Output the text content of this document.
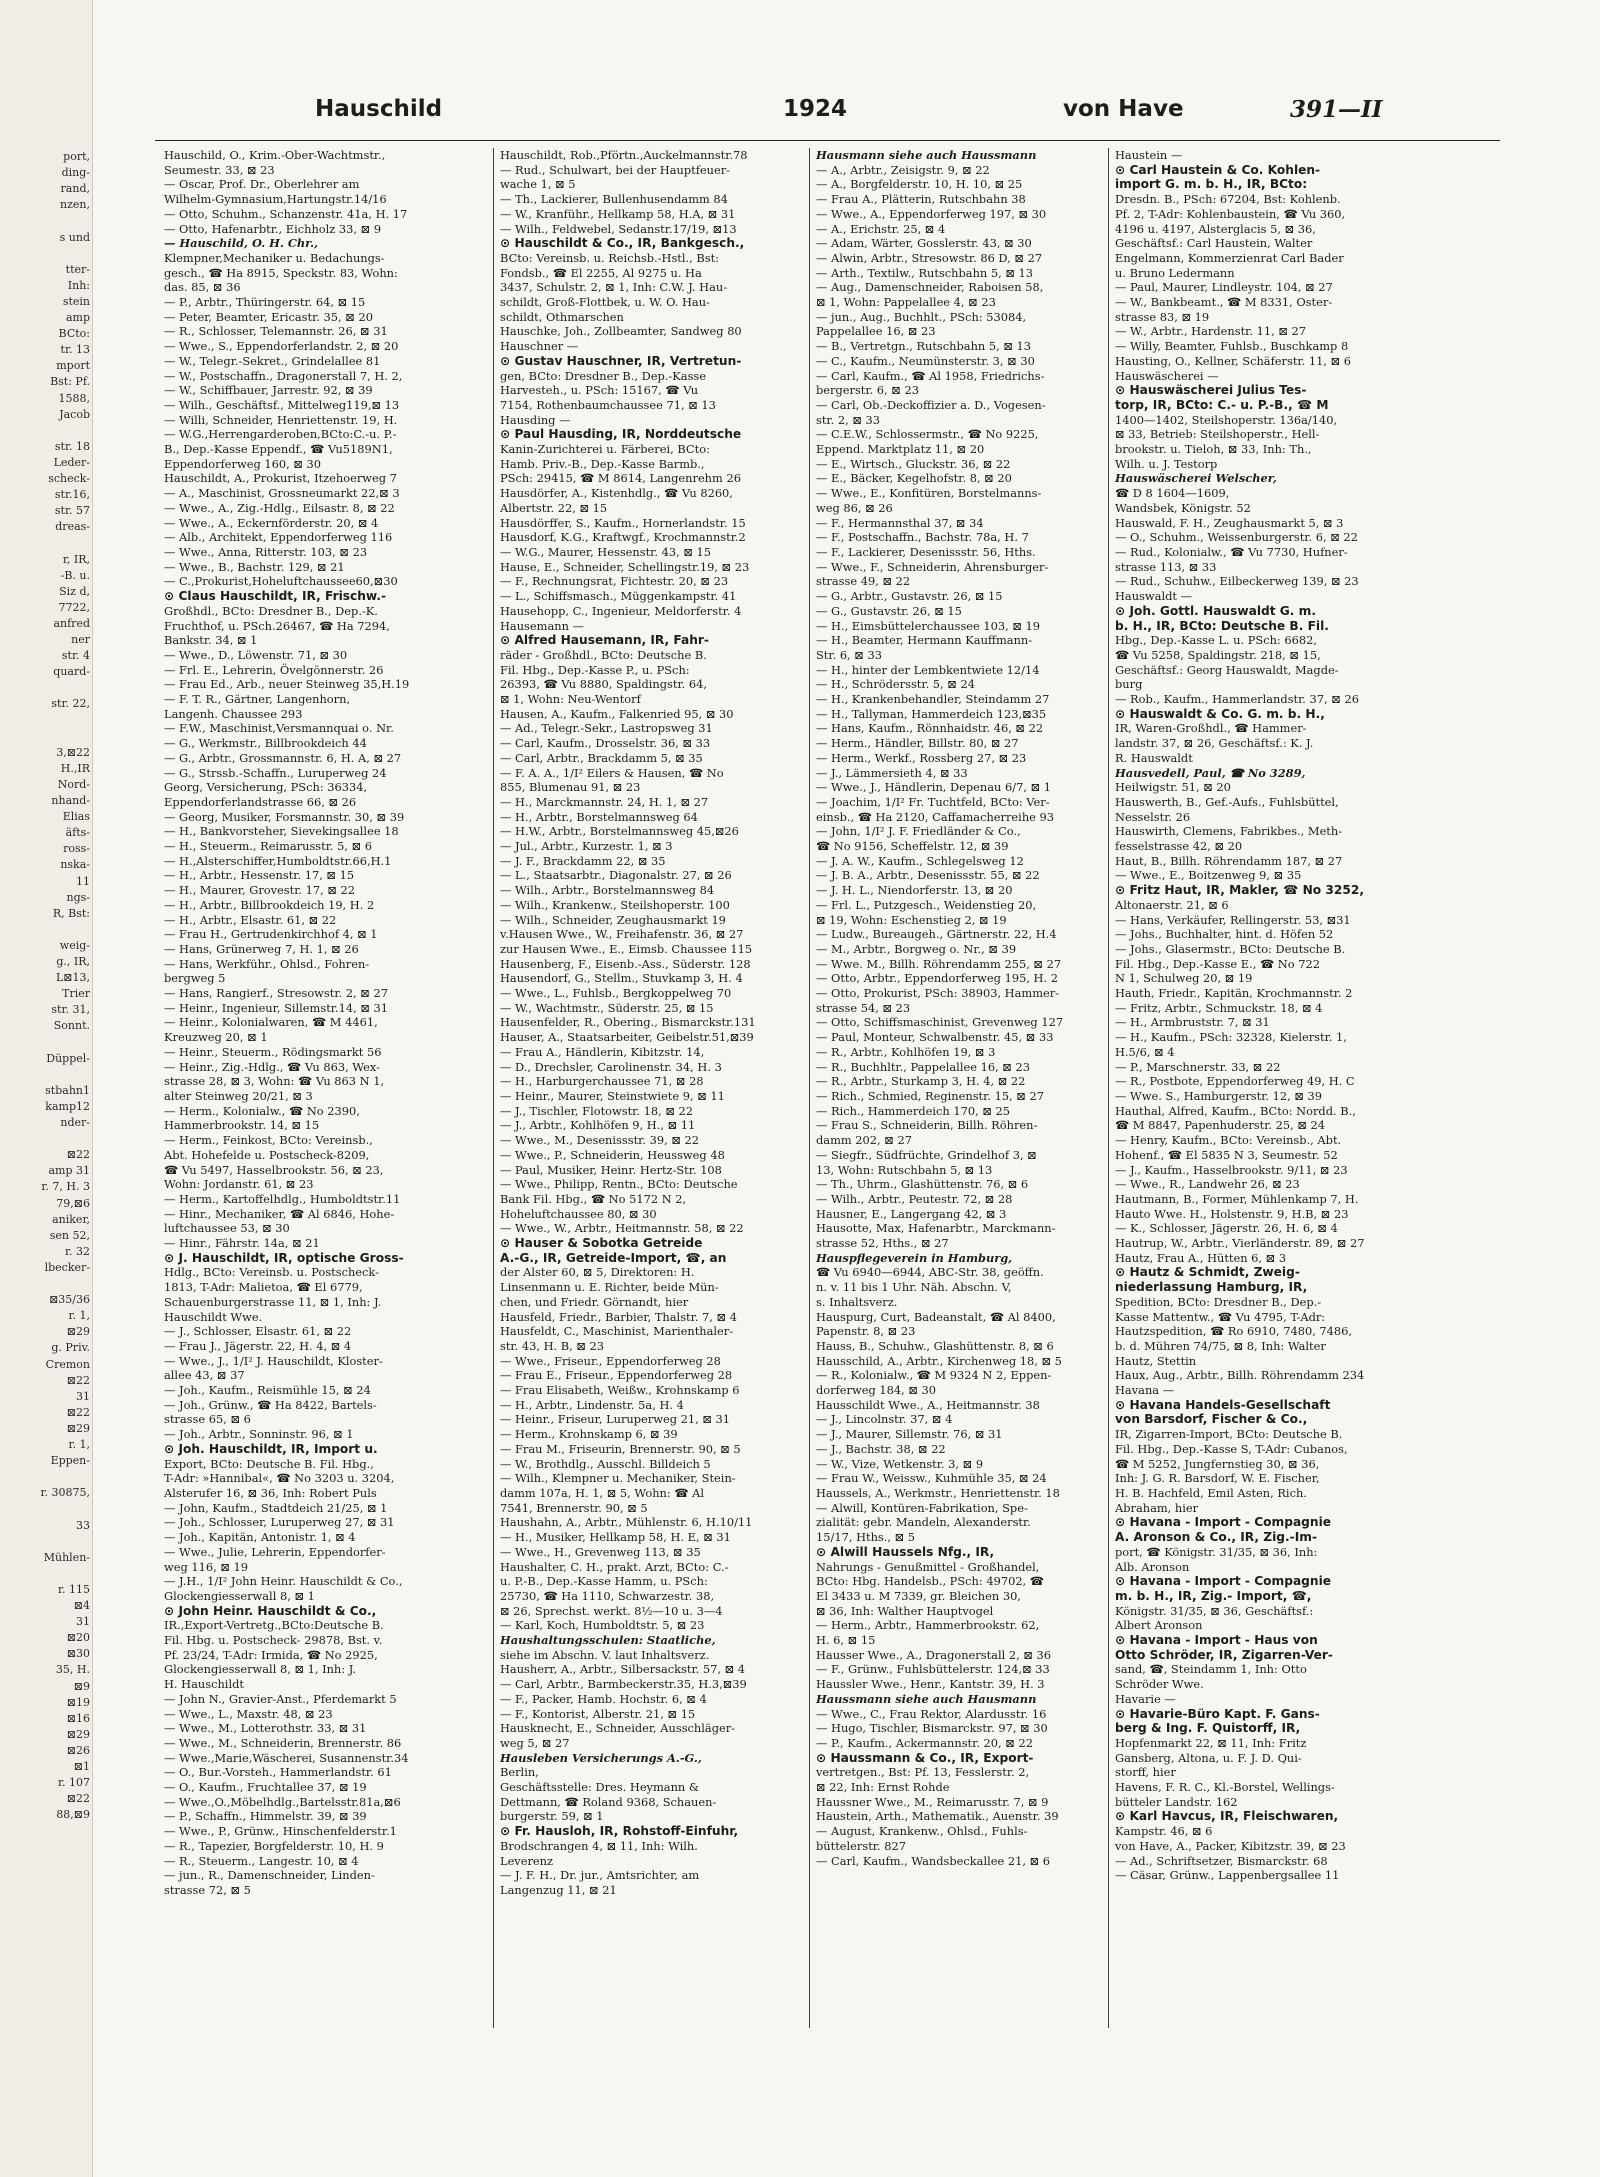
port,
ding-
rand,
nzen,
s und
tter-
Inh:
stein
amp
BCto:
tr. 13
mport
Bst: Pf.
1588,
Jacob
str. 18
Leder-
scheck-
str.16,
str. 57
dreas-
r, IR,
-B. u.
Siz d,
7722,
anfred
ner
str. 4
quard-
str. 22,
3,⊠22
H.,IR
Nord-
nhand-
Elias
äfts-
ross-
nska-
11
ngs-
R, Bst:
weig-
g., IR,
L⊠13,
Trier
str. 31,
Sonnt.
Düppel-
stbahn1
kamp12
nder-
⊠22
amp 31
r. 7, H. 3
79,⊠6
aniker,
sen 52,
r. 32
lbecker-
⊠35/36
r. 1,
⊠29
g. Priv.
Cremon
⊠22
31
⊠22
⊠29
r. 1,
Eppen-
r. 30875,
33
Mühlen-
r. 115
⊠4
31
⊠20
⊠30
35, H.
⊠9
⊠19
⊠16
⊠29
⊠26
⊠1
r. 107
⊠22
88,⊠9
Hauschild	1924	von Have	391—II
Hauschild, O., Krim.-Ober-Wachtmstr.,
Seumestr. 33, ⊠ 23
— Oscar, Prof. Dr., Oberlehrer am
Wilhelm-Gymnasium,Hartungstr.14/16
— Otto, Schuhm., Schanzenstr. 41a, H. 17
— Otto, Hafenarbtr., Eichholz 33, ⊠ 9
— Hauschild, O. H. Chr.,
Klempner,Mechaniker u. Bedachungs-
gesch., ☎ Ha 8915, Speckstr. 83, Wohn:
das. 85, ⊠ 36
— P., Arbtr., Thüringerstr. 64, ⊠ 15
— Peter, Beamter, Ericastr. 35, ⊠ 20
— R., Schlosser, Telemannstr. 26, ⊠ 31
— Wwe., S., Eppendorferlandstr. 2, ⊠ 20
— W., Telegr.-Sekret., Grindelallee 81
— W., Postschaffn., Dragonerstall 7, H. 2,
— W., Schiffbauer, Jarrestr. 92, ⊠ 39
— Wilh., Geschäftsf., Mittelweg119,⊠ 13
— Willi, Schneider, Henriettenstr. 19, H.
— W.G.,Herrengarderoben,BCto:C.-u. P.-
B., Dep.-Kasse Eppendf., ☎ Vu5189N1,
Eppendorferweg 160, ⊠ 30
Hauschildt, A., Prokurist, Itzehoerweg 7
— A., Maschinist, Grossneumarkt 22,⊠ 3
— Wwe., A., Zig.-Hdlg., Eilsastr. 8, ⊠ 22
— Wwe., A., Eckernförderstr. 20, ⊠ 4
— Alb., Architekt, Eppendorferweg 116
— Wwe., Anna, Ritterstr. 103, ⊠ 23
— Wwe., B., Bachstr. 129, ⊠ 21
— C.,Prokurist,Hoheluftchaussee60,⊠30
⊙ Claus Hauschildt, IR, Frischw.-
Großhdl., BCto: Dresdner B., Dep.-K.
Fruchthof, u. PSch.26467, ☎ Ha 7294,
Bankstr. 34, ⊠ 1
— Wwe., D., Löwenstr. 71, ⊠ 30
— Frl. E., Lehrerin, Övelgönnerstr. 26
— Frau Ed., Arb., neuer Steinweg 35,H.19
— F. T. R., Gärtner, Langenhorn,
Langenh. Chaussee 293
— F.W., Maschinist,Versmannquai o. Nr.
— G., Werkmstr., Billbrookdeich 44
— G., Arbtr., Grossmannstr. 6, H. A, ⊠ 27
— G., Strssb.-Schaffn., Luruperweg 24
Georg, Versicherung, PSch: 36334,
Eppendorferlandstrasse 66, ⊠ 26
— Georg, Musiker, Forsmannstr. 30, ⊠ 39
— H., Bankvorsteher, Sievekingsallee 18
— H., Steuerm., Reimarusstr. 5, ⊠ 6
— H.,Alsterschiffer,Humboldtstr.66,H.1
— H., Arbtr., Hessenstr. 17, ⊠ 15
— H., Maurer, Grovestr. 17, ⊠ 22
— H., Arbtr., Billbrookdeich 19, H. 2
— H., Arbtr., Elsastr. 61, ⊠ 22
— Frau H., Gertrudenkirchhof 4, ⊠ 1
— Hans, Grünerweg 7, H. 1, ⊠ 26
— Hans, Werkführ., Ohlsd., Fohren-
bergweg 5
— Hans, Rangierf., Stresowstr. 2, ⊠ 27
— Heinr., Ingenieur, Sillemstr.14, ⊠ 31
— Heinr., Kolonialwaren, ☎ M 4461,
Kreuzweg 20, ⊠ 1
— Heinr., Steuerm., Rödingsmarkt 56
— Heinr., Zig.-Hdlg., ☎ Vu 863, Wex-
strasse 28, ⊠ 3, Wohn: ☎ Vu 863 N 1,
alter Steinweg 20/21, ⊠ 3
— Herm., Kolonialw., ☎ No 2390,
Hammerbrookstr. 14, ⊠ 15
— Herm., Feinkost, BCto: Vereinsb.,
Abt. Hohefelde u. Postscheck-8209,
☎ Vu 5497, Hasselbrookstr. 56, ⊠ 23,
Wohn: Jordanstr. 61, ⊠ 23
— Herm., Kartoffelhdlg., Humboldtstr.11
— Hinr., Mechaniker, ☎ Al 6846, Hohe-
luftchaussee 53, ⊠ 30
— Hinr., Fährstr. 14a, ⊠ 21
⊙ J. Hauschildt, IR, optische Gross-
Hdlg., BCto: Vereinsb. u. Postscheck-
1813, T-Adr: Malietoa, ☎ El 6779,
Schauenburgerstrasse 11, ⊠ 1, Inh: J.
Hauschildt Wwe.
— J., Schlosser, Elsastr. 61, ⊠ 22
— Frau J., Jägerstr. 22, H. 4, ⊠ 4
— Wwe., J., 1/I² J. Hauschildt, Kloster-
allee 43, ⊠ 37
— Joh., Kaufm., Reismühle 15, ⊠ 24
— Joh., Grünw., ☎ Ha 8422, Bartels-
strasse 65, ⊠ 6
— Joh., Arbtr., Sonninstr. 96, ⊠ 1
⊙ Joh. Hauschildt, IR, Import u.
Export, BCto: Deutsche B. Fil. Hbg.,
T-Adr: »Hannibal«, ☎ No 3203 u. 3204,
Alsterufer 16, ⊠ 36, Inh: Robert Puls
— John, Kaufm., Stadtdeich 21/25, ⊠ 1
— Joh., Schlosser, Luruperweg 27, ⊠ 31
— Joh., Kapitän, Antonistr. 1, ⊠ 4
— Wwe., Julie, Lehrerin, Eppendorfer-
weg 116, ⊠ 19
— J.H., 1/I² John Heinr. Hauschildt & Co.,
Glockengiesserwall 8, ⊠ 1
⊙ John Heinr. Hauschildt & Co.,
IR.,Export-Vertretg.,BCto:Deutsche B.
Fil. Hbg. u. Postscheck- 29878, Bst. v.
Pf. 23/24, T-Adr: Irmida, ☎ No 2925,
Glockengiesserwall 8, ⊠ 1, Inh: J.
H. Hauschildt
— John N., Gravier-Anst., Pferdemarkt 5
— Wwe., L., Maxstr. 48, ⊠ 23
— Wwe., M., Lotterothstr. 33, ⊠ 31
— Wwe., M., Schneiderin, Brennerstr. 86
— Wwe.,Marie,Wäscherei, Susannenstr.34
— O., Bur.-Vorsteh., Hammerlandstr. 61
— O., Kaufm., Fruchtallee 37, ⊠ 19
— Wwe.,O.,Möbelhdlg.,Bartelsstr.81a,⊠6
— P., Schaffn., Himmelstr. 39, ⊠ 39
— Wwe., P., Grünw., Hinschenfelderstr.1
— R., Tapezier, Borgfelderstr. 10, H. 9
— R., Steuerm., Langestr. 10, ⊠ 4
— jun., R., Damenschneider, Linden-
strasse 72, ⊠ 5
Hauschildt, Rob.,Pförtn.,Auckelmannstr.78
— Rud., Schulwart, bei der Hauptfeuer-
wache 1, ⊠ 5
— Th., Lackierer, Bullenhusendamm 84
— W., Kranführ., Hellkamp 58, H.A, ⊠ 31
— Wilh., Feldwebel, Sedanstr.17/19, ⊠13
⊙ Hauschildt & Co., IR, Bankgesch.,
BCto: Vereinsb. u. Reichsb.-Hstl., Bst:
Fondsb., ☎ El 2255, Al 9275 u. Ha
3437, Schulstr. 2, ⊠ 1, Inh: C.W. J. Hau-
schildt, Groß-Flottbek, u. W. O. Hau-
schildt, Othmarschen
Hauschke, Joh., Zollbeamter, Sandweg 80
Hauschner —
⊙ Gustav Hauschner, IR, Vertretun-
gen, BCto: Dresdner B., Dep.-Kasse
Harvesteh., u. PSch: 15167, ☎ Vu
7154, Rothenbaumchaussee 71, ⊠ 13
Hausding —
⊙ Paul Hausding, IR, Norddeutsche
Kanin-Zurichterei u. Färberei, BCto:
Hamb. Priv.-B., Dep.-Kasse Barmb.,
PSch: 29415, ☎ M 8614, Langenrehm 26
Hausdörfer, A., Kistenhdlg., ☎ Vu 8260,
Albertstr. 22, ⊠ 15
Hausdörffer, S., Kaufm., Hornerlandstr. 15
Hausdorf, K.G., Kraftwgf., Krochmannstr.2
— W.G., Maurer, Hessenstr. 43, ⊠ 15
Hause, E., Schneider, Schellingstr.19, ⊠ 23
— F., Rechnungsrat, Fichtestr. 20, ⊠ 23
— L., Schiffsmasch., Müggenkampstr. 41
Hausehopp, C., Ingenieur, Meldorferstr. 4
Hausemann —
⊙ Alfred Hausemann, IR, Fahr-
räder - Großhdl., BCto: Deutsche B.
Fil. Hbg., Dep.-Kasse P., u. PSch:
26393, ☎ Vu 8880, Spaldingstr. 64,
⊠ 1, Wohn: Neu-Wentorf
Hausen, A., Kaufm., Falkenried 95, ⊠ 30
— Ad., Telegr.-Sekr., Lastropsweg 31
— Carl, Kaufm., Drosselstr. 36, ⊠ 33
— Carl, Arbtr., Brackdamm 5, ⊠ 35
— F. A. A., 1/I² Eilers & Hausen, ☎ No
855, Blumenau 91, ⊠ 23
— H., Marckmannstr. 24, H. 1, ⊠ 27
— H., Arbtr., Borstelmannsweg 64
— H.W., Arbtr., Borstelmannsweg 45,⊠26
— Jul., Arbtr., Kurzestr. 1, ⊠ 3
— J. F., Brackdamm 22, ⊠ 35
— L., Staatsarbtr., Diagonalstr. 27, ⊠ 26
— Wilh., Arbtr., Borstelmannsweg 84
— Wilh., Krankenw., Steilshoperstr. 100
— Wilh., Schneider, Zeughausmarkt 19
v.Hausen Wwe., W., Freihafenstr. 36, ⊠ 27
zur Hausen Wwe., E., Eimsb. Chaussee 115
Hausenberg, F., Eisenb.-Ass., Süderstr. 128
Hausendorf, G., Stellm., Stuvkamp 3, H. 4
— Wwe., L., Fuhlsb., Bergkoppelweg 70
— W., Wachtmstr., Süderstr. 25, ⊠ 15
Hausenfelder, R., Obering., Bismarckstr.131
Hauser, A., Staatsarbeiter, Geibelstr.51,⊠39
— Frau A., Händlerin, Kibitzstr. 14,
— D., Drechsler, Carolinenstr. 34, H. 3
— H., Harburgerchaussee 71, ⊠ 28
— Heinr., Maurer, Steinstwiete 9, ⊠ 11
— J., Tischler, Flotowstr. 18, ⊠ 22
— J., Arbtr., Kohlhöfen 9, H., ⊠ 11
— Wwe., M., Desenissstr. 39, ⊠ 22
— Wwe., P., Schneiderin, Heussweg 48
— Paul, Musiker, Heinr. Hertz-Str. 108
— Wwe., Philipp, Rentn., BCto: Deutsche
Bank Fil. Hbg., ☎ No 5172 N 2,
Hoheluftchaussee 80, ⊠ 30
— Wwe., W., Arbtr., Heitmannstr. 58, ⊠ 22
⊙ Hauser & Sobotka Getreide
A.-G., IR, Getreide-Import, ☎, an
der Alster 60, ⊠ 5, Direktoren: H.
Linsenmann u. E. Richter, beide Mün-
chen, und Friedr. Görnandt, hier
Hausfeld, Friedr., Barbier, Thalstr. 7, ⊠ 4
Hausfeldt, C., Maschinist, Marienthaler-
str. 43, H. B, ⊠ 23
— Wwe., Friseur., Eppendorferweg 28
— Frau E., Friseur., Eppendorferweg 28
— Frau Elisabeth, Weißw., Krohnskamp 6
— H., Arbtr., Lindenstr. 5a, H. 4
— Heinr., Friseur, Luruperweg 21, ⊠ 31
— Herm., Krohnskamp 6, ⊠ 39
— Frau M., Friseurin, Brennerstr. 90, ⊠ 5
— W., Brothdlg., Ausschl. Billdeich 5
— Wilh., Klempner u. Mechaniker, Stein-
damm 107a, H. 1, ⊠ 5, Wohn: ☎ Al
7541, Brennerstr. 90, ⊠ 5
Haushahn, A., Arbtr., Mühlenstr. 6, H.10/11
— H., Musiker, Hellkamp 58, H. E, ⊠ 31
— Wwe., H., Grevenweg 113, ⊠ 35
Haushalter, C. H., prakt. Arzt, BCto: C.-
u. P.-B., Dep.-Kasse Hamm, u. PSch:
25730, ☎ Ha 1110, Schwarzestr. 38,
⊠ 26, Sprechst. werkt. 8½—10 u. 3—4
— Karl, Koch, Humboldtstr. 5, ⊠ 23
Haushaltungsschulen: Staatliche,
siehe im Abschn. V. laut Inhaltsverz.
Hausherr, A., Arbtr., Silbersackstr. 57, ⊠ 4
— Carl, Arbtr., Barmbeckerstr.35, H.3,⊠39
— F., Packer, Hamb. Hochstr. 6, ⊠ 4
— F., Kontorist, Alberstr. 21, ⊠ 15
Hausknecht, E., Schneider, Ausschläger-
weg 5, ⊠ 27
Hausleben Versicherungs A.-G.,
Berlin,
Geschäftsstelle: Dres. Heymann &
Dettmann, ☎ Roland 9368, Schauen-
burgerstr. 59, ⊠ 1
⊙ Fr. Hausloh, IR, Rohstoff-Einfuhr,
Brodschrangen 4, ⊠ 11, Inh: Wilh.
Leverenz
— J. F. H., Dr. jur., Amtsrichter, am
Langenzug 11, ⊠ 21
Hausmann siehe auch Haussmann
— A., Arbtr., Zeisigstr. 9, ⊠ 22
— A., Borgfelderstr. 10, H. 10, ⊠ 25
— Frau A., Plätterin, Rutschbahn 38
— Wwe., A., Eppendorferweg 197, ⊠ 30
— A., Erichstr. 25, ⊠ 4
— Adam, Wärter, Gosslerstr. 43, ⊠ 30
— Alwin, Arbtr., Stresowstr. 86 D, ⊠ 27
— Arth., Textilw., Rutschbahn 5, ⊠ 13
— Aug., Damenschneider, Raboisen 58,
⊠ 1, Wohn: Pappelallee 4, ⊠ 23
— jun., Aug., Buchhlt., PSch: 53084,
Pappelallee 16, ⊠ 23
— B., Vertretgn., Rutschbahn 5, ⊠ 13
— C., Kaufm., Neumünsterstr. 3, ⊠ 30
— Carl, Kaufm., ☎ Al 1958, Friedrichs-
bergerstr. 6, ⊠ 23
— Carl, Ob.-Deckoffizier a. D., Vogesen-
str. 2, ⊠ 33
— C.E.W., Schlossermstr., ☎ No 9225,
Eppend. Marktplatz 11, ⊠ 20
— E., Wirtsch., Gluckstr. 36, ⊠ 22
— E., Bäcker, Kegelhofstr. 8, ⊠ 20
— Wwe., E., Konfitüren, Borstelmanns-
weg 86, ⊠ 26
— F., Hermannsthal 37, ⊠ 34
— F., Postschaffn., Bachstr. 78a, H. 7
— F., Lackierer, Desenissstr. 56, Hths.
— Wwe., F., Schneiderin, Ahrensburger-
strasse 49, ⊠ 22
— G., Arbtr., Gustavstr. 26, ⊠ 15
— G., Gustavstr. 26, ⊠ 15
— H., Eimsbüttelerchaussee 103, ⊠ 19
— H., Beamter, Hermann Kauffmann-
Str. 6, ⊠ 33
— H., hinter der Lembkentwiete 12/14
— H., Schrödersstr. 5, ⊠ 24
— H., Krankenbehandler, Steindamm 27
— H., Tallyman, Hammerdeich 123,⊠35
— Hans, Kaufm., Rönnhaidstr. 46, ⊠ 22
— Herm., Händler, Billstr. 80, ⊠ 27
— Herm., Werkf., Rossberg 27, ⊠ 23
— J., Lämmersieth 4, ⊠ 33
— Wwe., J., Händlerin, Depenau 6/7, ⊠ 1
— Joachim, 1/I² Fr. Tuchtfeld, BCto: Ver-
einsb., ☎ Ha 2120, Caffamacherreihe 93
— John, 1/I² J. F. Friedländer & Co.,
☎ No 9156, Scheffelstr. 12, ⊠ 39
— J. A. W., Kaufm., Schlegelsweg 12
— J. B. A., Arbtr., Desenissstr. 55, ⊠ 22
— J. H. L., Niendorferstr. 13, ⊠ 20
— Frl. L., Putzgesch., Weidenstieg 20,
⊠ 19, Wohn: Eschenstieg 2, ⊠ 19
— Ludw., Bureaugeh., Gärtnerstr. 22, H.4
— M., Arbtr., Borgweg o. Nr., ⊠ 39
— Wwe. M., Billh. Röhrendamm 255, ⊠ 27
— Otto, Arbtr., Eppendorferweg 195, H. 2
— Otto, Prokurist, PSch: 38903, Hammer-
strasse 54, ⊠ 23
— Otto, Schiffsmaschinist, Grevenweg 127
— Paul, Monteur, Schwalbenstr. 45, ⊠ 33
— R., Arbtr., Kohlhöfen 19, ⊠ 3
— R., Buchhltr., Pappelallee 16, ⊠ 23
— R., Arbtr., Sturkamp 3, H. 4, ⊠ 22
— Rich., Schmied, Reginenstr. 15, ⊠ 27
— Rich., Hammerdeich 170, ⊠ 25
— Frau S., Schneiderin, Billh. Röhren-
damm 202, ⊠ 27
— Siegfr., Südfrüchte, Grindelhof 3, ⊠
13, Wohn: Rutschbahn 5, ⊠ 13
— Th., Uhrm., Glashüttenstr. 76, ⊠ 6
— Wilh., Arbtr., Peutestr. 72, ⊠ 28
Hausner, E., Langergang 42, ⊠ 3
Hausotte, Max, Hafenarbtr., Marckmann-
strasse 52, Hths., ⊠ 27
Hauspflegeverein in Hamburg,
☎ Vu 6940—6944, ABC-Str. 38, geöffn.
n. v. 11 bis 1 Uhr. Näh. Abschn. V,
s. Inhaltsverz.
Hauspurg, Curt, Badeanstalt, ☎ Al 8400,
Papenstr. 8, ⊠ 23
Hauss, B., Schuhw., Glashüttenstr. 8, ⊠ 6
Hausschild, A., Arbtr., Kirchenweg 18, ⊠ 5
— R., Kolonialw., ☎ M 9324 N 2, Eppen-
dorferweg 184, ⊠ 30
Hausschildt Wwe., A., Heitmannstr. 38
— J., Lincolnstr. 37, ⊠ 4
— J., Maurer, Sillemstr. 76, ⊠ 31
— J., Bachstr. 38, ⊠ 22
— W., Vize, Wetkenstr. 3, ⊠ 9
— Frau W., Weissw., Kuhmühle 35, ⊠ 24
Haussels, A., Werkmstr., Henriettenstr. 18
— Alwill, Kontüren-Fabrikation, Spe-
zialität: gebr. Mandeln, Alexanderstr.
15/17, Hths., ⊠ 5
⊙ Alwill Haussels Nfg., IR,
Nahrungs - Genußmittel - Großhandel,
BCto: Hbg. Handelsb., PSch: 49702, ☎
El 3433 u. M 7339, gr. Bleichen 30,
⊠ 36, Inh: Walther Hauptvogel
— Herm., Arbtr., Hammerbrookstr. 62,
H. 6, ⊠ 15
Hausser Wwe., A., Dragonerstall 2, ⊠ 36
— F., Grünw., Fuhlsbüttelerstr. 124,⊠ 33
Haussler Wwe., Henr., Kantstr. 39, H. 3
Haussmann siehe auch Hausmann
— Wwe., C., Frau Rektor, Alardusstr. 16
— Hugo, Tischler, Bismarckstr. 97, ⊠ 30
— P., Kaufm., Ackermannstr. 20, ⊠ 22
⊙ Haussmann & Co., IR, Export-
vertretgen., Bst: Pf. 13, Fesslerstr. 2,
⊠ 22, Inh: Ernst Rohde
Haussner Wwe., M., Reimarusstr. 7, ⊠ 9
Haustein, Arth., Mathematik., Auenstr. 39
— August, Krankenw., Ohlsd., Fuhls-
büttelerstr. 827
— Carl, Kaufm., Wandsbeckallee 21, ⊠ 6
Haustein —
⊙ Carl Haustein & Co. Kohlen-
import G. m. b. H., IR, BCto:
Dresdn. B., PSch: 67204, Bst: Kohlenb.
Pf. 2, T-Adr: Kohlenbaustein, ☎ Vu 360,
4196 u. 4197, Alsterglacis 5, ⊠ 36,
Geschäftsf.: Carl Haustein, Walter
Engelmann, Kommerzienrat Carl Bader
u. Bruno Ledermann
— Paul, Maurer, Lindleystr. 104, ⊠ 27
— W., Bankbeamt., ☎ M 8331, Oster-
strasse 83, ⊠ 19
— W., Arbtr., Hardenstr. 11, ⊠ 27
— Willy, Beamter, Fuhlsb., Buschkamp 8
Hausting, O., Kellner, Schäferstr. 11, ⊠ 6
Hauswäscherei —
⊙ Hauswäscherei Julius Tes-
torp, IR, BCto: C.- u. P.-B., ☎ M
1400—1402, Steilshoperstr. 136a/140,
⊠ 33, Betrieb: Steilshoperstr., Hell-
brookstr. u. Tieloh, ⊠ 33, Inh: Th.,
Wilh. u. J. Testorp
Hauswäscherei Welscher,
☎ D 8 1604—1609,
Wandsbek, Königstr. 52
Hauswald, F. H., Zeughausmarkt 5, ⊠ 3
— O., Schuhm., Weissenburgerstr. 6, ⊠ 22
— Rud., Kolonialw., ☎ Vu 7730, Hufner-
strasse 113, ⊠ 33
— Rud., Schuhw., Eilbeckerweg 139, ⊠ 23
Hauswaldt —
⊙ Joh. Gottl. Hauswaldt G. m.
b. H., IR, BCto: Deutsche B. Fil.
Hbg., Dep.-Kasse L. u. PSch: 6682,
☎ Vu 5258, Spaldingstr. 218, ⊠ 15,
Geschäftsf.: Georg Hauswaldt, Magde-
burg
— Rob., Kaufm., Hammerlandstr. 37, ⊠ 26
⊙ Hauswaldt & Co. G. m. b. H.,
IR, Waren-Großhdl., ☎ Hammer-
landstr. 37, ⊠ 26, Geschäftsf.: K. J.
R. Hauswaldt
Hausvedell, Paul, ☎ No 3289,
Heilwigstr. 51, ⊠ 20
Hauswerth, B., Gef.-Aufs., Fuhlsbüttel,
Nesselstr. 26
Hauswirth, Clemens, Fabrikbes., Meth-
fesselstrasse 42, ⊠ 20
Haut, B., Billh. Röhrendamm 187, ⊠ 27
— Wwe., E., Boitzenweg 9, ⊠ 35
⊙ Fritz Haut, IR, Makler, ☎ No 3252,
Altonaerstr. 21, ⊠ 6
— Hans, Verkäufer, Rellingerstr. 53, ⊠31
— Johs., Buchhalter, hint. d. Höfen 52
— Johs., Glasermstr., BCto: Deutsche B.
Fil. Hbg., Dep.-Kasse E., ☎ No 722
N 1, Schulweg 20, ⊠ 19
Hauth, Friedr., Kapitän, Krochmannstr. 2
— Fritz, Arbtr., Schmuckstr. 18, ⊠ 4
— H., Armbruststr. 7, ⊠ 31
— H., Kaufm., PSch: 32328, Kielerstr. 1,
H.5/6, ⊠ 4
— P., Marschnerstr. 33, ⊠ 22
— R., Postbote, Eppendorferweg 49, H. C
— Wwe. S., Hamburgerstr. 12, ⊠ 39
Hauthal, Alfred, Kaufm., BCto: Nordd. B.,
☎ M 8847, Papenhuderstr. 25, ⊠ 24
— Henry, Kaufm., BCto: Vereinsb., Abt.
Hohenf., ☎ El 5835 N 3, Seumestr. 52
— J., Kaufm., Hasselbrookstr. 9/11, ⊠ 23
— Wwe., R., Landwehr 26, ⊠ 23
Hautmann, B., Former, Mühlenkamp 7, H.
Hauto Wwe. H., Holstenstr. 9, H.B, ⊠ 23
— K., Schlosser, Jägerstr. 26, H. 6, ⊠ 4
Hautrup, W., Arbtr., Vierländerstr. 89, ⊠ 27
Hautz, Frau A., Hütten 6, ⊠ 3
⊙ Hautz & Schmidt, Zweig-
niederlassung Hamburg, IR,
Spedition, BCto: Dresdner B., Dep.-
Kasse Mattentw., ☎ Vu 4795, T-Adr:
Hautzspedition, ☎ Ro 6910, 7480, 7486,
b. d. Mühren 74/75, ⊠ 8, Inh: Walter
Hautz, Stettin
Haux, Aug., Arbtr., Billh. Röhrendamm 234
Havana —
⊙ Havana Handels-Gesellschaft
von Barsdorf, Fischer & Co.,
IR, Zigarren-Import, BCto: Deutsche B.
Fil. Hbg., Dep.-Kasse S, T-Adr: Cubanos,
☎ M 5252, Jungfernstieg 30, ⊠ 36,
Inh: J. G. R. Barsdorf, W. E. Fischer,
H. B. Hachfeld, Emil Asten, Rich.
Abraham, hier
⊙ Havana - Import - Compagnie
A. Aronson & Co., IR, Zig.-Im-
port, ☎ Königstr. 31/35, ⊠ 36, Inh:
Alb. Aronson
⊙ Havana - Import - Compagnie
m. b. H., IR, Zig.- Import, ☎,
Königstr. 31/35, ⊠ 36, Geschäftsf.:
Albert Aronson
⊙ Havana - Import - Haus von
Otto Schröder, IR, Zigarren-Ver-
sand, ☎, Steindamm 1, Inh: Otto
Schröder Wwe.
Havarie —
⊙ Havarie-Büro Kapt. F. Gans-
berg & Ing. F. Quistorff, IR,
Hopfenmarkt 22, ⊠ 11, Inh: Fritz
Gansberg, Altona, u. F. J. D. Qui-
storff, hier
Havens, F. R. C., Kl.-Borstel, Wellings-
bütteler Landstr. 162
⊙ Karl Havcus, IR, Fleischwaren,
Kampstr. 46, ⊠ 6
von Have, A., Packer, Kibitzstr. 39, ⊠ 23
— Ad., Schriftsetzer, Bismarckstr. 68
— Cäsar, Grünw., Lappenbergsallee 11
